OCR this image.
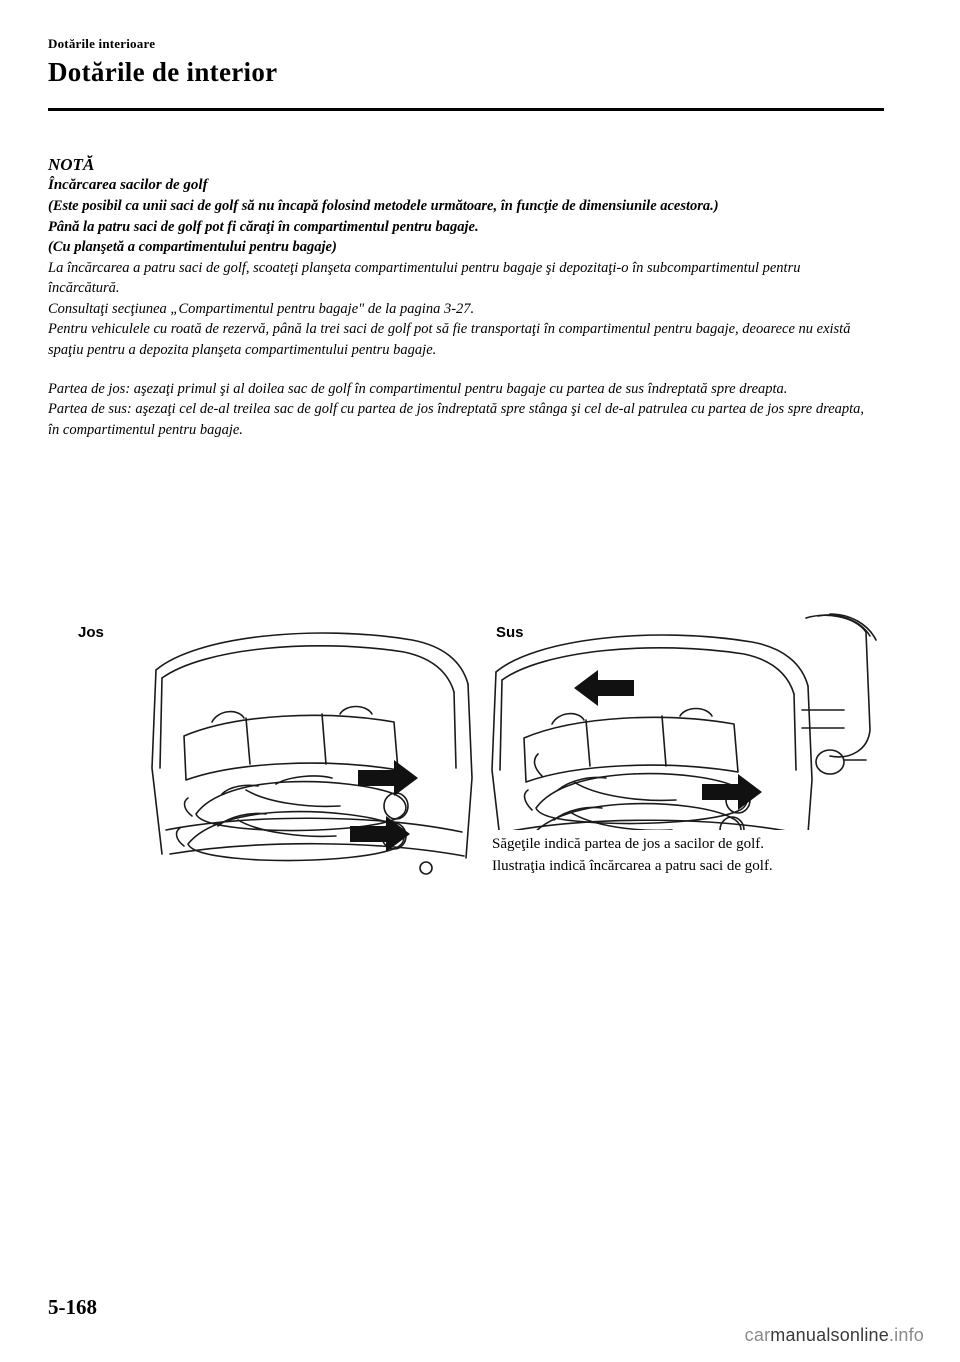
Dotările interioare

Dotările de interior

NOTĂ

Încărcarea sacilor de golf

(Este posibil ca unii saci de golf să nu încapă folosind metodele următoare, în funcţie de dimensiunile acestora.)

Până la patru saci de golf pot fi căraţi în compartimentul pentru bagaje.

(Cu planşetă a compartimentului pentru bagaje)

La încărcarea a patru saci de golf, scoateţi planşeta compartimentului pentru bagaje şi depozitaţi-o în subcompartimentul pentru încărcătură.

Consultaţi secţiunea „Compartimentul pentru bagaje" de la pagina 3-27.

Pentru vehiculele cu roată de rezervă, până la trei saci de golf pot să fie transportaţi în compartimentul pentru bagaje, deoarece nu există spaţiu pentru a depozita planşeta compartimentului pentru bagaje.

Partea de jos: aşezaţi primul şi al doilea sac de golf în compartimentul pentru bagaje cu partea de sus îndreptată spre dreapta.

Partea de sus: aşezaţi cel de-al treilea sac de golf cu partea de jos îndreptată spre stânga şi cel de-al patrulea cu partea de jos spre dreapta, în compartimentul pentru bagaje.

Jos	Sus

Săgeţile indică partea de jos a sacilor de golf.

Ilustraţia indică încărcarea a patru saci de golf.

5-168
carmanualsonline.info
